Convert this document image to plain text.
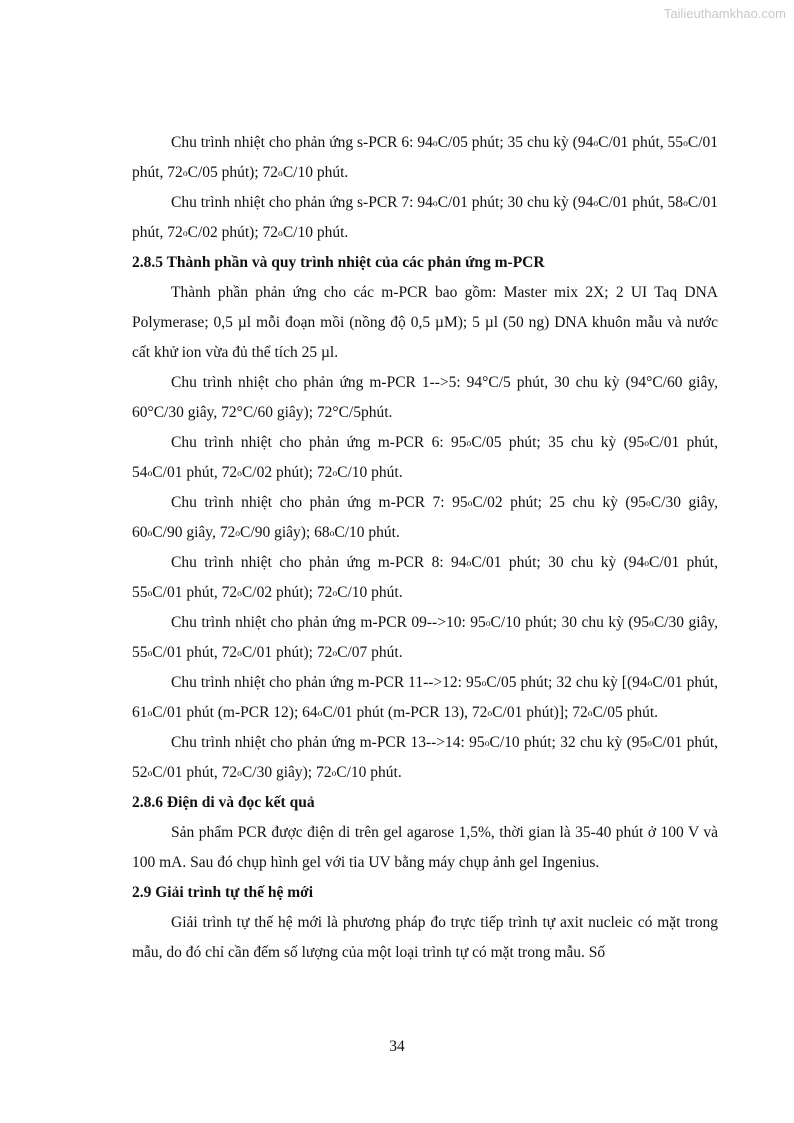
Tailieuthamkhao.com

Chu trình nhiệt cho phản ứng s-PCR 6: 94$^o$C/05 phút; 35 chu kỳ (94$^o$C/01 phút, 55$^o$C/01 phút, 72$^o$C/05 phút); 72$^o$C/10 phút.

Chu trình nhiệt cho phản ứng s-PCR 7: 94$^o$C/01 phút; 30 chu kỳ (94$^o$C/01 phút, 58$^o$C/01 phút, 72$^o$C/02 phút); 72$^o$C/10 phút.

2.8.5 Thành phần và quy trình nhiệt của các phản ứng m-PCR

Thành phần phản ứng cho các m-PCR bao gồm: Master mix 2X; 2 UI Taq DNA Polymerase; 0,5 µl mỗi đoạn mồi (nồng độ 0,5 µM); 5 µl (50 ng) DNA khuôn mẫu và nước cất khử ion vừa đủ thể tích 25 µl.

Chu trình nhiệt cho phản ứng m-PCR 1-->5: 94°C/5 phút, 30 chu kỳ (94°C/60 giây, 60°C/30 giây, 72°C/60 giây); 72°C/5phút.

Chu trình nhiệt cho phản ứng m-PCR 6: 95$^o$C/05 phút; 35 chu kỳ (95$^o$C/01 phút, 54$^o$C/01 phút, 72$^o$C/02 phút); 72$^o$C/10 phút.

Chu trình nhiệt cho phản ứng m-PCR 7: 95$^o$C/02 phút; 25 chu kỳ (95$^o$C/30 giây, 60$^o$C/90 giây, 72$^o$C/90 giây); 68$^o$C/10 phút.

Chu trình nhiệt cho phản ứng m-PCR 8: 94$^o$C/01 phút; 30 chu kỳ (94$^o$C/01 phút, 55$^o$C/01 phút, 72$^o$C/02 phút); 72$^o$C/10 phút.

Chu trình nhiệt cho phản ứng m-PCR 09-->10: 95$^o$C/10 phút; 30 chu kỳ (95$^o$C/30 giây, 55$^o$C/01 phút, 72$^o$C/01 phút); 72$^o$C/07 phút.

Chu trình nhiệt cho phản ứng m-PCR 11-->12: 95$^o$C/05 phút; 32 chu kỳ [(94$^o$C/01 phút, 61$^o$C/01 phút (m-PCR 12); 64$^o$C/01 phút (m-PCR 13), 72$^o$C/01 phút)]; 72$^o$C/05 phút.

Chu trình nhiệt cho phản ứng m-PCR 13-->14: 95$^o$C/10 phút; 32 chu kỳ (95$^o$C/01 phút, 52$^o$C/01 phút, 72$^o$C/30 giây); 72$^o$C/10 phút.

2.8.6 Điện di và đọc kết quả

Sản phẩm PCR được điện di trên gel agarose 1,5%, thời gian là 35-40 phút ở 100 V và 100 mA. Sau đó chụp hình gel với tia UV bằng máy chụp ảnh gel Ingenius.

2.9 Giải trình tự thế hệ mới

Giải trình tự thế hệ mới là phương pháp đo trực tiếp trình tự axit nucleic có mặt trong mẫu, do đó chỉ cần đếm số lượng của một loại trình tự có mặt trong mẫu. Số

34
